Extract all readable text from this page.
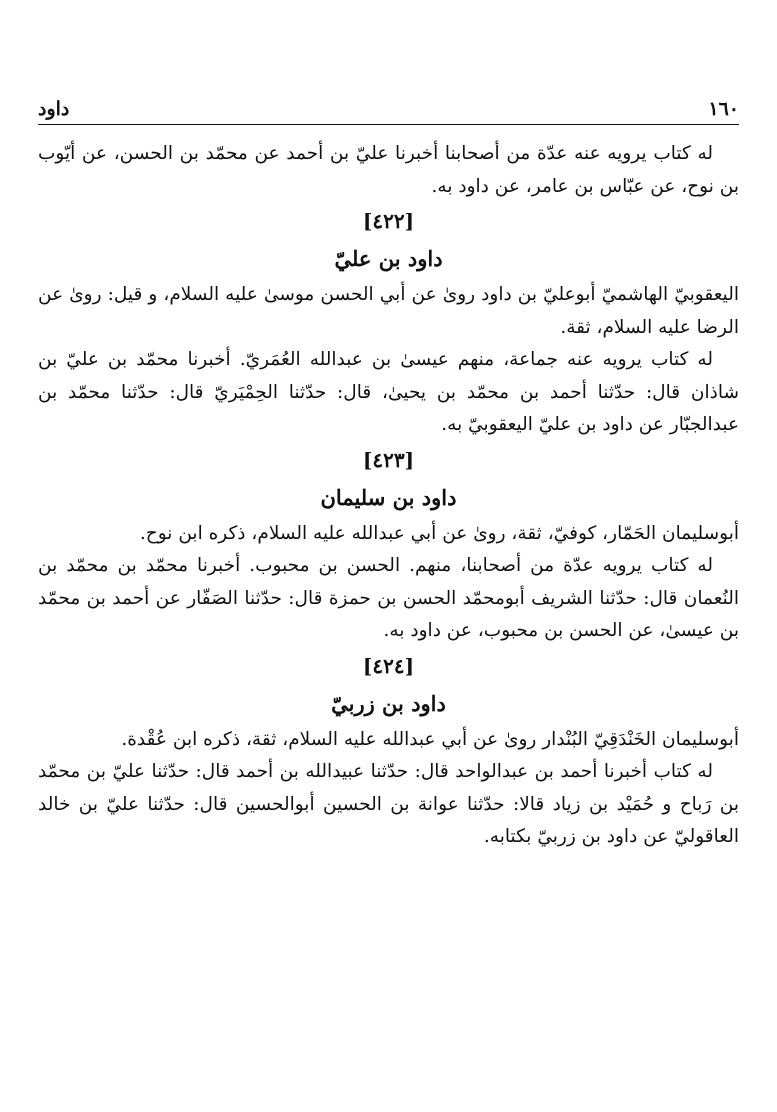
داود	١٦٠

له كتاب يرويه عنه عدّة من أصحابنا أخبرنا عليّ بن أحمد عن محمّد بن الحسن، عن أيّوب بن نوح، عن عبّاس بن عامر، عن داود به.

[٤٢٢]
داود بن عليّ

اليعقوبيّ الهاشميّ أبوعليّ بن داود روىٰ عن أبي الحسن موسىٰ عليه السلام، و قيل: روىٰ عن الرضا عليه السلام، ثقة.

له كتاب يرويه عنه جماعة، منهم عيسىٰ بن عبدالله العُمَريّ. أخبرنا محمّد بن عليّ بن شاذان قال: حدّثنا أحمد بن محمّد بن يحيىٰ، قال: حدّثنا الحِمْيَريّ قال: حدّثنا محمّد بن عبدالجبّار عن داود بن عليّ اليعقوبيّ به.

[٤٢٣]
داود بن سليمان

أبوسليمان الحَمّار، كوفيّ، ثقة، روىٰ عن أبي عبدالله عليه السلام، ذكره ابن نوح.

له كتاب يرويه عدّة من أصحابنا، منهم. الحسن بن محبوب. أخبرنا محمّد بن محمّد بن النُعمان قال: حدّثنا الشريف أبومحمّد الحسن بن حمزة قال: حدّثنا الصَفّار عن أحمد بن محمّد بن عيسىٰ، عن الحسن بن محبوب، عن داود به.

[٤٢٤]
داود بن زربيّ

أبوسليمان الخَنْدَقِيّ البُنْدار روىٰ عن أبي عبدالله عليه السلام، ثقة، ذكره ابن عُقْدة.

له كتاب أخبرنا أحمد بن عبدالواحد قال: حدّثنا عبيدالله بن أحمد قال: حدّثنا عليّ بن محمّد بن رَباح و حُمَيْد بن زياد قالا: حدّثنا عوانة بن الحسين أبوالحسين قال: حدّثنا عليّ بن خالد العاقوليّ عن داود بن زربيّ بكتابه.
